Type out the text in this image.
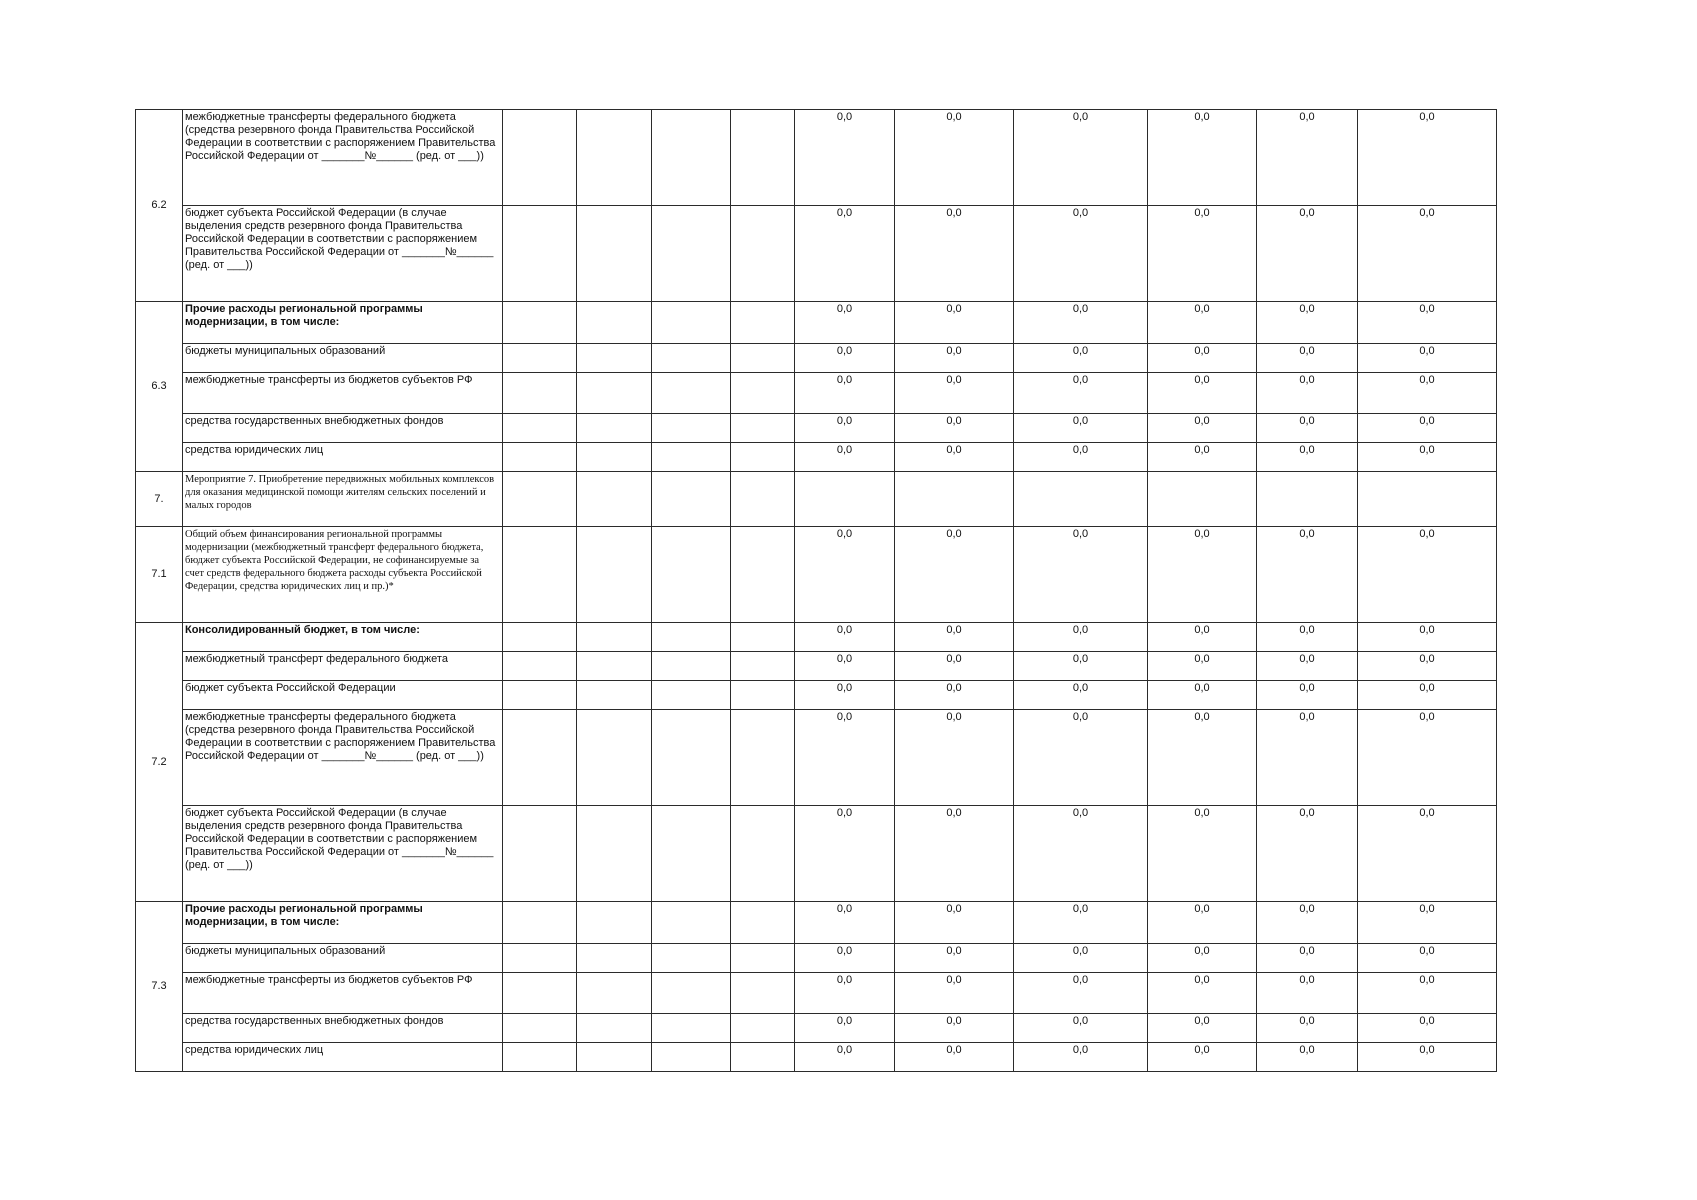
6.2	межбюджетные трансферты федерального бюджета (средства резервного фонда Правительства Российской Федерации в соответствии с распоряжением Правительства Российской Федерации от _______№______ (ред. от ___))					0,0	0,0	0,0	0,0	0,0	0,0
	бюджет субъекта Российской Федерации (в случае выделения средств резервного фонда Правительства Российской Федерации в соответствии с распоряжением Правительства Российской Федерации от _______№______ (ред. от ___))					0,0	0,0	0,0	0,0	0,0	0,0
6.3	Прочие расходы региональной программы модернизации, в том числе:					0,0	0,0	0,0	0,0	0,0	0,0
	бюджеты муниципальных образований					0,0	0,0	0,0	0,0	0,0	0,0
	межбюджетные трансферты из бюджетов субъектов РФ					0,0	0,0	0,0	0,0	0,0	0,0
	средства государственных внебюджетных фондов					0,0	0,0	0,0	0,0	0,0	0,0
	средства юридических лиц					0,0	0,0	0,0	0,0	0,0	0,0
7.	Мероприятие 7. Приобретение передвижных мобильных комплексов для оказания медицинской помощи жителям сельских поселений и малых городов										
7.1	Общий объем финансирования региональной программы модернизации (межбюджетный трансферт федерального бюджета, бюджет субъекта Российской Федерации, не софинансируемые за счет средств федерального бюджета расходы субъекта Российской Федерации, средства юридических лиц и пр.)*					0,0	0,0	0,0	0,0	0,0	0,0
7.2	Консолидированный бюджет, в том числе:					0,0	0,0	0,0	0,0	0,0	0,0
	межбюджетный трансферт федерального бюджета					0,0	0,0	0,0	0,0	0,0	0,0
	бюджет субъекта Российской Федерации					0,0	0,0	0,0	0,0	0,0	0,0
	межбюджетные трансферты федерального бюджета (средства резервного фонда Правительства Российской Федерации в соответствии с распоряжением Правительства Российской Федерации от _______№______ (ред. от ___))					0,0	0,0	0,0	0,0	0,0	0,0
	бюджет субъекта Российской Федерации (в случае выделения средств резервного фонда Правительства Российской Федерации в соответствии с распоряжением Правительства Российской Федерации от _______№______ (ред. от ___))					0,0	0,0	0,0	0,0	0,0	0,0
7.3	Прочие расходы региональной программы модернизации, в том числе:					0,0	0,0	0,0	0,0	0,0	0,0
	бюджеты муниципальных образований					0,0	0,0	0,0	0,0	0,0	0,0
	межбюджетные трансферты из бюджетов субъектов РФ					0,0	0,0	0,0	0,0	0,0	0,0
	средства государственных внебюджетных фондов					0,0	0,0	0,0	0,0	0,0	0,0
	средства юридических лиц					0,0	0,0	0,0	0,0	0,0	0,0
